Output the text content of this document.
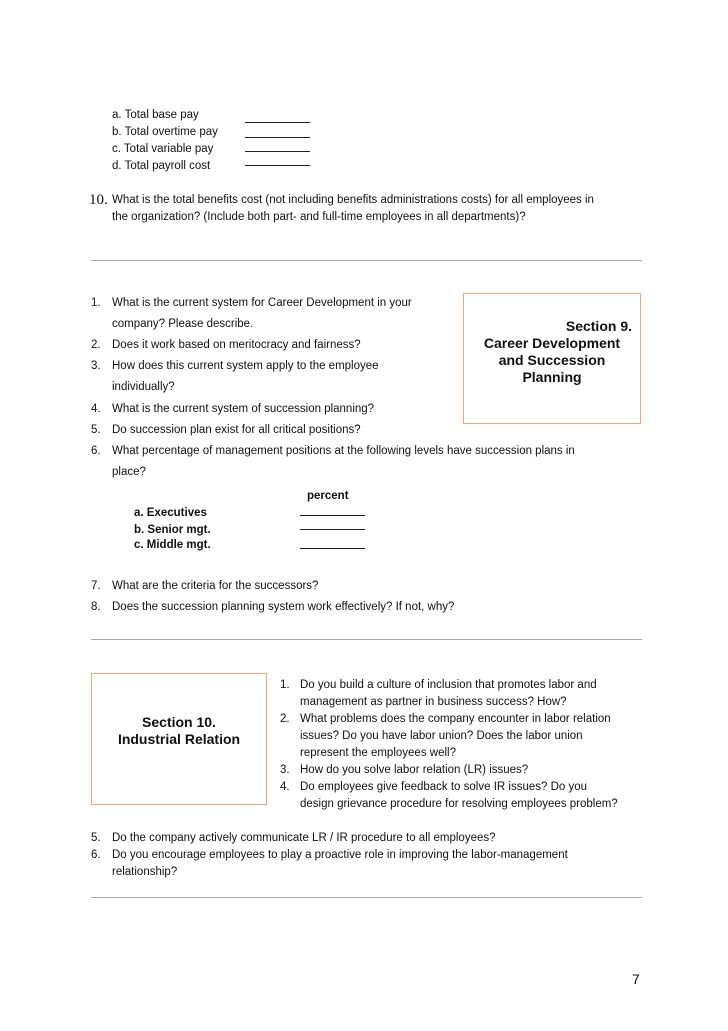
a. Total base pay
b. Total overtime pay
c. Total variable pay
d. Total payroll cost
10. What is the total benefits cost (not including benefits administrations costs) for all employees in
the organization? (Include both part- and full-time employees in all departments)?
Section 9.
Career Development
and Succession
Planning
1. What is the current system for Career Development in your
company? Please describe.
2. Does it work based on meritocracy and fairness?
3. How does this current system apply to the employee
individually?
4. What is the current system of succession planning?
5. Do succession plan exist for all critical positions?
6. What percentage of management positions at the following levels have succession plans in
place?
percent
a. Executives
b. Senior mgt.
c. Middle mgt.
7. What are the criteria for the successors?
8. Does the succession planning system work effectively? If not, why?
Section 10.
Industrial Relation
1. Do you build a culture of inclusion that promotes labor and
management as partner in business success? How?
2. What problems does the company encounter in labor relation
issues? Do you have labor union? Does the labor union
represent the employees well?
3. How do you solve labor relation (LR) issues?
4. Do employees give feedback to solve IR issues? Do you
design grievance procedure for resolving employees problem?
5. Do the company actively communicate LR / IR procedure to all employees?
6. Do you encourage employees to play a proactive role in improving the labor-management
relationship?
7
